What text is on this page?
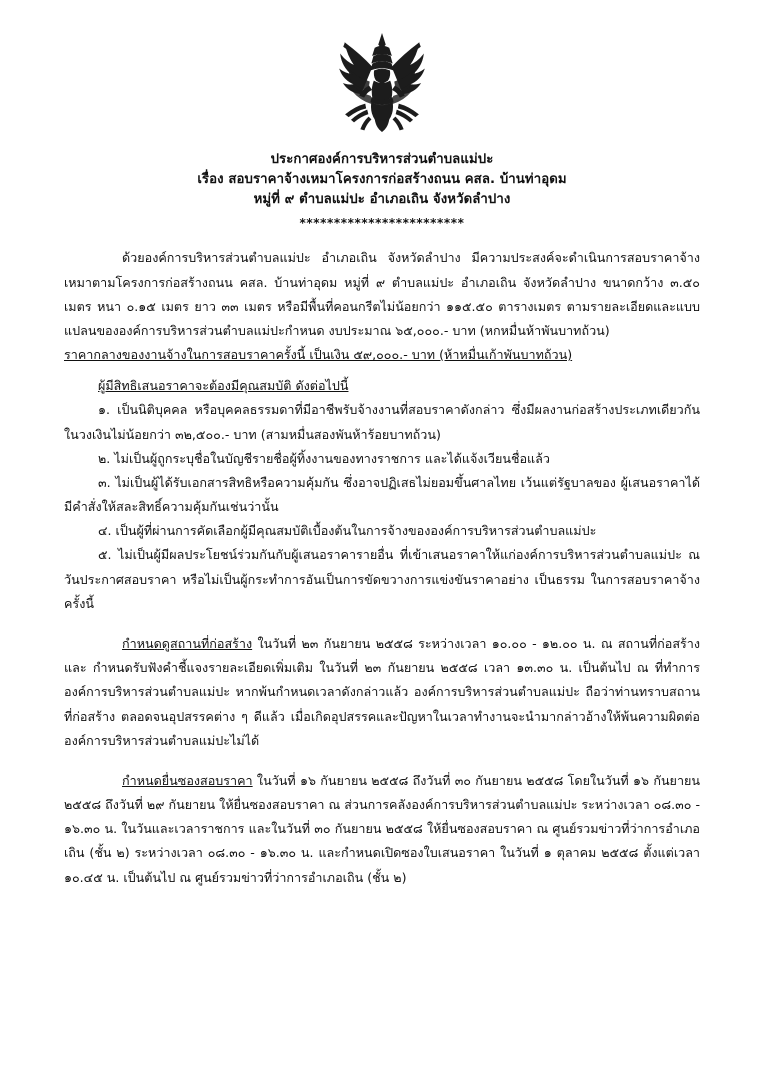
ประกาศองค์การบริหารส่วนตำบลแม่ปะ
เรื่อง สอบราคาจ้างเหมาโครงการก่อสร้างถนน คสล. บ้านท่าอุดม
หมู่ที่ ๙ ตำบลแม่ปะ อำเภอเถิน จังหวัดลำปาง
************************

ด้วยองค์การบริหารส่วนตำบลแม่ปะ อำเภอเถิน จังหวัดลำปาง มีความประสงค์จะดำเนินการสอบราคาจ้างเหมาตามโครงการก่อสร้างถนน คสล. บ้านท่าอุดม หมู่ที่ ๙ ตำบลแม่ปะ อำเภอเถิน จังหวัดลำปาง ขนาดกว้าง ๓.๕๐ เมตร หนา ๐.๑๕ เมตร ยาว ๓๓ เมตร หรือมีพื้นที่คอนกรีตไม่น้อยกว่า ๑๑๕.๕๐ ตารางเมตร ตามรายละเอียดและแบบแปลนขององค์การบริหารส่วนตำบลแม่ปะกำหนด งบประมาณ ๖๕,๐๐๐.- บาท (หกหมื่นห้าพันบาทถ้วน)

ราคากลางของงานจ้างในการสอบราคาครั้งนี้ เป็นเงิน ๕๙,๐๐๐.- บาท (ห้าหมื่นเก้าพันบาทถ้วน)

ผู้มีสิทธิเสนอราคาจะต้องมีคุณสมบัติ ดังต่อไปนี้

๑. เป็นนิติบุคคล หรือบุคคลธรรมดาที่มีอาชีพรับจ้างงานที่สอบราคาดังกล่าว ซึ่งมีผลงานก่อสร้างประเภทเดียวกันในวงเงินไม่น้อยกว่า ๓๒,๕๐๐.- บาท (สามหมื่นสองพันห้าร้อยบาทถ้วน)

๒. ไม่เป็นผู้ถูกระบุชื่อในบัญชีรายชื่อผู้ทิ้งงานของทางราชการ และได้แจ้งเวียนชื่อแล้ว

๓. ไม่เป็นผู้ได้รับเอกสารสิทธิหรือความคุ้มกัน ซึ่งอาจปฏิเสธไม่ยอมขึ้นศาลไทย เว้นแต่รัฐบาลของ ผู้เสนอราคาได้มีคำสั่งให้สละสิทธิ์ความคุ้มกันเช่นว่านั้น

๔. เป็นผู้ที่ผ่านการคัดเลือกผู้มีคุณสมบัติเบื้องต้นในการจ้างขององค์การบริหารส่วนตำบลแม่ปะ

๕. ไม่เป็นผู้มีผลประโยชน์ร่วมกันกับผู้เสนอราคารายอื่น ที่เข้าเสนอราคาให้แก่องค์การบริหารส่วนตำบลแม่ปะ ณ วันประกาศสอบราคา หรือไม่เป็นผู้กระทำการอันเป็นการขัดขวางการแข่งขันราคาอย่าง เป็นธรรม ในการสอบราคาจ้างครั้งนี้

กำหนดดูสถานที่ก่อสร้าง ในวันที่ ๒๓ กันยายน ๒๕๕๘ ระหว่างเวลา ๑๐.๐๐ - ๑๒.๐๐ น. ณ สถานที่ก่อสร้าง และ กำหนดรับฟังคำชี้แจงรายละเอียดเพิ่มเติม ในวันที่ ๒๓ กันยายน ๒๕๕๘ เวลา ๑๓.๓๐ น. เป็นต้นไป ณ ที่ทำการองค์การบริหารส่วนตำบลแม่ปะ หากพ้นกำหนดเวลาดังกล่าวแล้ว องค์การบริหารส่วนตำบลแม่ปะ ถือว่าท่านทราบสถานที่ก่อสร้าง ตลอดจนอุปสรรคต่าง ๆ ดีแล้ว เมื่อเกิดอุปสรรคและปัญหาในเวลาทำงานจะนำมากล่าวอ้างให้พ้นความผิดต่อองค์การบริหารส่วนตำบลแม่ปะไม่ได้

กำหนดยื่นซองสอบราคา ในวันที่ ๑๖ กันยายน ๒๕๕๘ ถึงวันที่ ๓๐ กันยายน ๒๕๕๘ โดยในวันที่ ๑๖ กันยายน ๒๕๕๘ ถึงวันที่ ๒๙ กันยายน ให้ยื่นซองสอบราคา ณ ส่วนการคลังองค์การบริหารส่วนตำบลแม่ปะ ระหว่างเวลา ๐๘.๓๐ - ๑๖.๓๐ น. ในวันและเวลาราชการ และในวันที่ ๓๐ กันยายน ๒๕๕๘ ให้ยื่นซองสอบราคา ณ ศูนย์รวมข่าวที่ว่าการอำเภอเถิน (ชั้น ๒) ระหว่างเวลา ๐๘.๓๐ - ๑๖.๓๐ น. และกำหนดเปิดซองใบเสนอราคา ในวันที่ ๑ ตุลาคม ๒๕๕๘ ตั้งแต่เวลา ๑๐.๔๕ น. เป็นต้นไป ณ ศูนย์รวมข่าวที่ว่าการอำเภอเถิน (ชั้น ๒)
